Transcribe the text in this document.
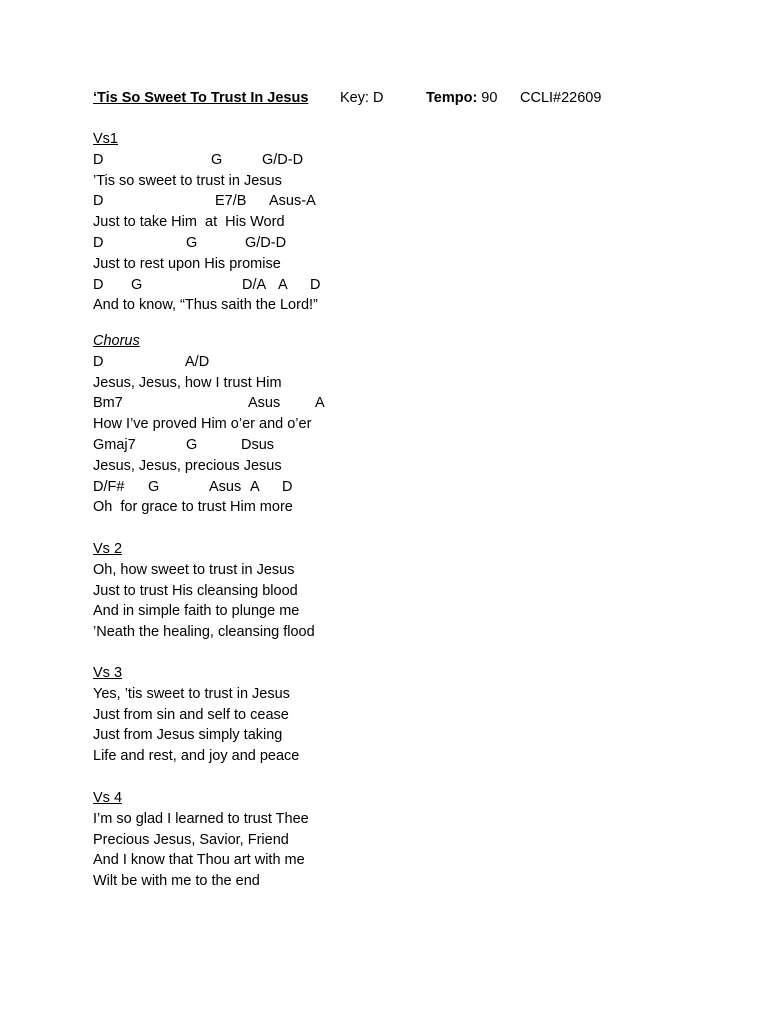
‘Tis So Sweet To Trust In Jesus Key: D	Tempo: 90 CCLI#22609
Vs1

D

	G

	G/D-D

’Tis so sweet to trust in Jesus

D

	E7/B

Asus-A

Just to take Him  at  His Word

D

	G

	G/D-D

Just to rest upon His promise

D

G

	D/A

A

D

And to know, “Thus saith the Lord!”
Chorus

D

	A/D

Jesus, Jesus, how I trust Him

Bm7

	Asus

A

How I’ve proved Him o’er and o’er

Gmaj7

	G

	Dsus

Jesus, Jesus, precious Jesus

D/F#

G

	Asus

A

D

Oh  for grace to trust Him more
Vs 2
Oh, how sweet to trust in Jesus
Just to trust His cleansing blood
And in simple faith to plunge me
’Neath the healing, cleansing flood
Vs 3
Yes, ’tis sweet to trust in Jesus
Just from sin and self to cease
Just from Jesus simply taking
Life and rest, and joy and peace
Vs 4
I’m so glad I learned to trust Thee
Precious Jesus, Savior, Friend
And I know that Thou art with me
Wilt be with me to the end
